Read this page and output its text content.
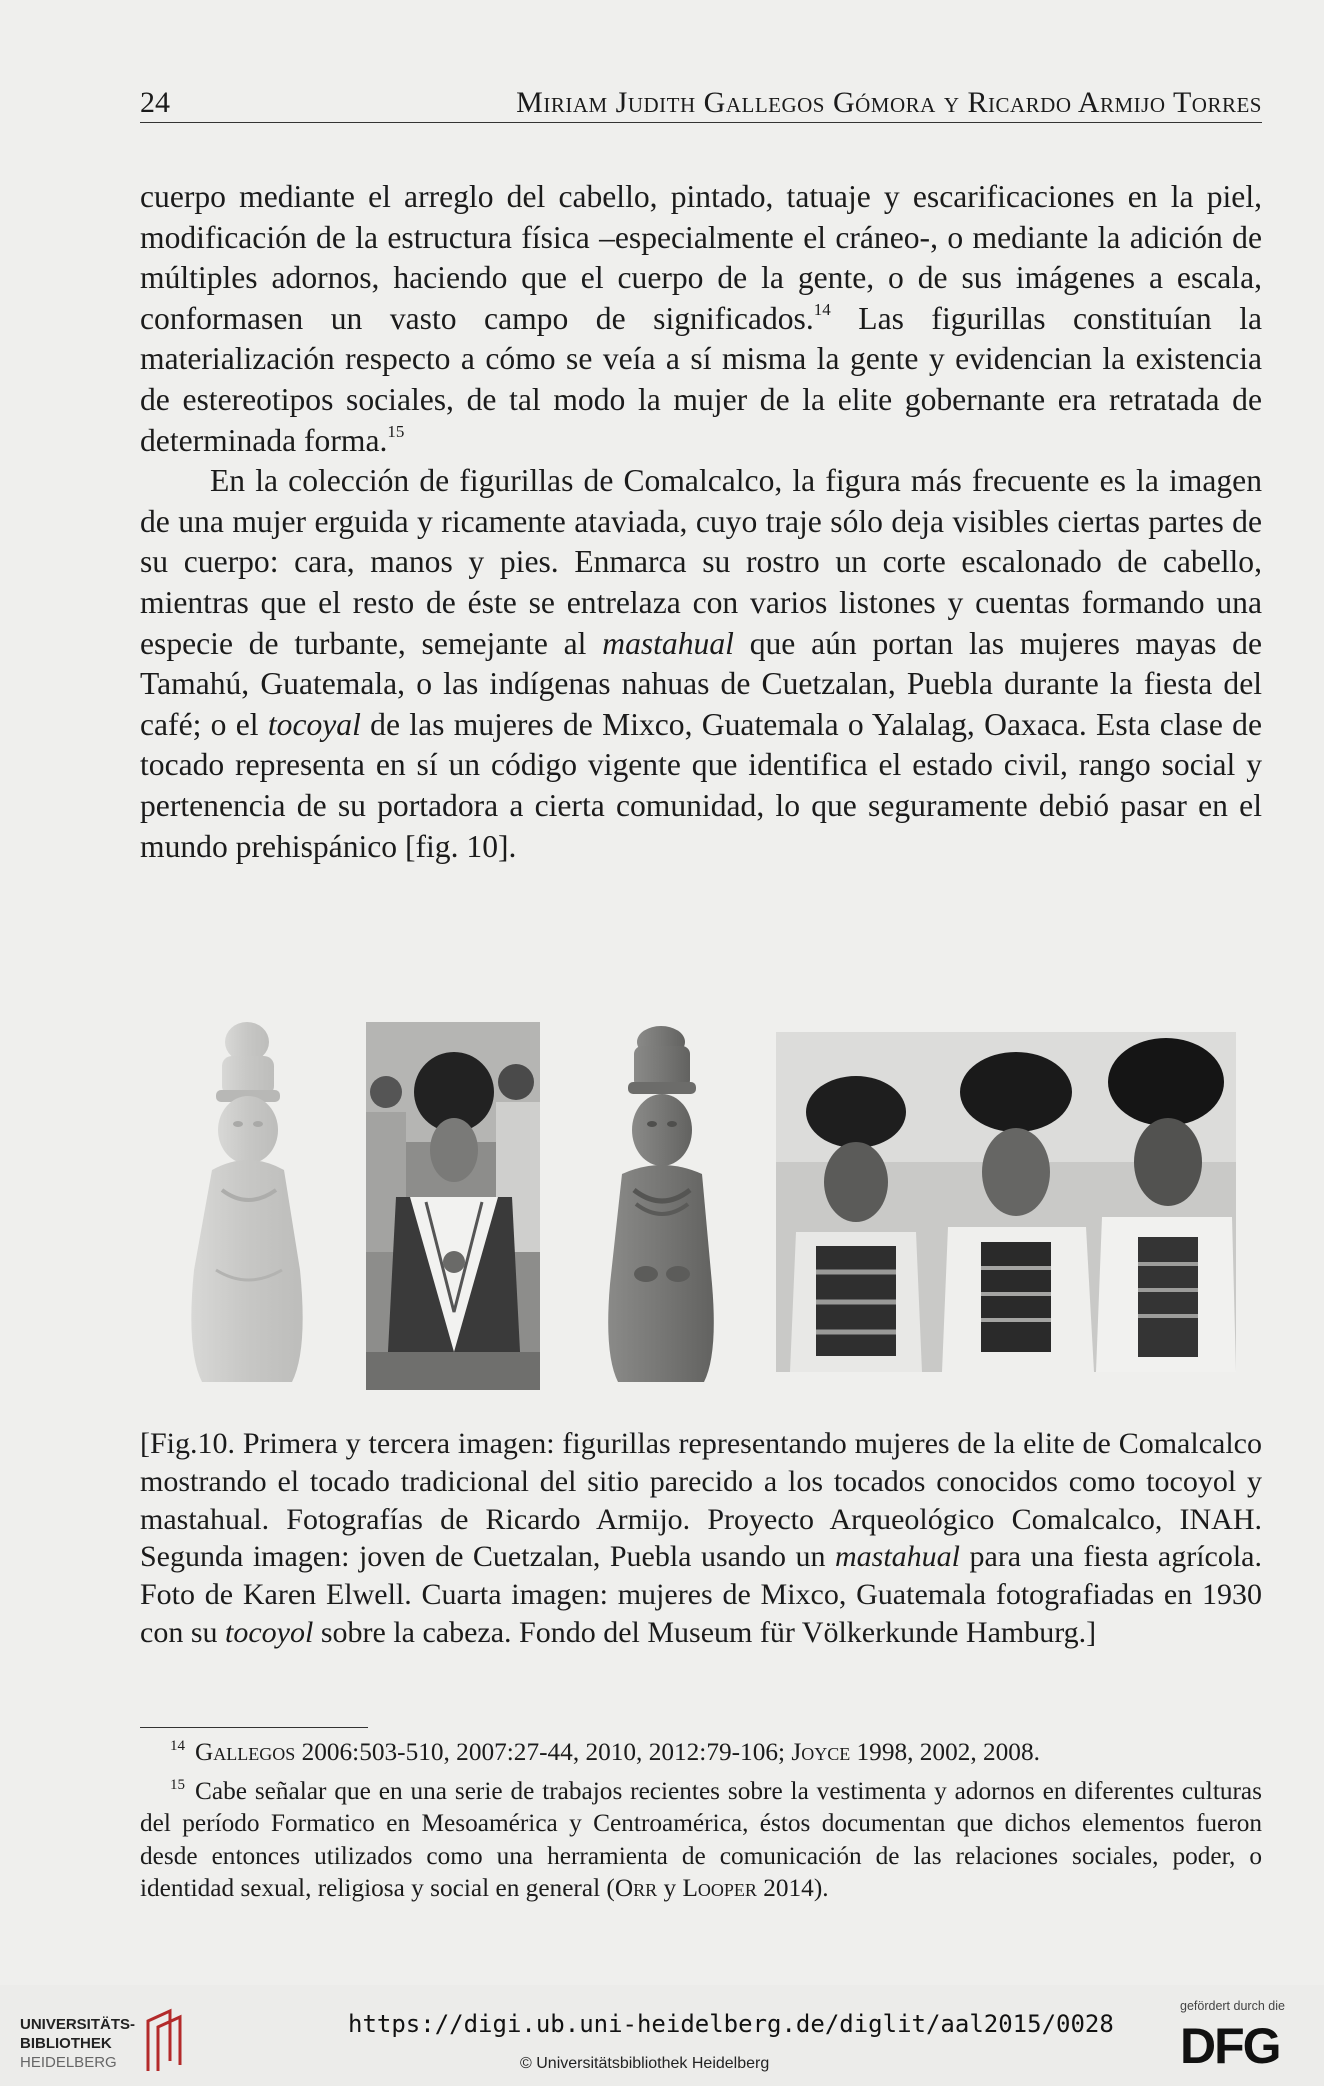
24	Miriam Judith Gallegos Gómora y Ricardo Armijo Torres

cuerpo mediante el arreglo del cabello, pintado, tatuaje y escarificaciones en la piel, modificación de la estructura física –especialmente el cráneo-, o mediante la adición de múltiples adornos, haciendo que el cuerpo de la gente, o de sus imágenes a escala, conformasen un vasto campo de significados.$^{14}$ Las figurillas constituían la materialización respecto a cómo se veía a sí misma la gente y evidencian la existencia de estereotipos sociales, de tal modo la mujer de la elite gobernante era retratada de determinada forma.$^{15}$

En la colección de figurillas de Comalcalco, la figura más frecuente es la imagen de una mujer erguida y ricamente ataviada, cuyo traje sólo deja visibles ciertas partes de su cuerpo: cara, manos y pies. Enmarca su rostro un corte escalonado de cabello, mientras que el resto de éste se entrelaza con varios listones y cuentas formando una especie de turbante, semejante al mastahual que aún portan las mujeres mayas de Tamahú, Guatemala, o las indígenas nahuas de Cuetzalan, Puebla durante la fiesta del café; o el tocoyal de las mujeres de Mixco, Guatemala o Yalalag, Oaxaca. Esta clase de tocado representa en sí un código vigente que identifica el estado civil, rango social y pertenencia de su portadora a cierta comunidad, lo que seguramente debió pasar en el mundo prehispánico [fig. 10].

[Fig.10. Primera y tercera imagen: figurillas representando mujeres de la elite de Comalcalco mostrando el tocado tradicional del sitio parecido a los tocados conocidos como tocoyol y mastahual. Fotografías de Ricardo Armijo. Proyecto Arqueológico Comalcalco, INAH. Segunda imagen: joven de Cuetzalan, Puebla usando un mastahual para una fiesta agrícola. Foto de Karen Elwell. Cuarta imagen: mujeres de Mixco, Guatemala fotografiadas en 1930 con su tocoyol sobre la cabeza. Fondo del Museum für Völkerkunde Hamburg.]

$^{14}$ Gallegos 2006:503-510, 2007:27-44, 2010, 2012:79-106; Joyce 1998, 2002, 2008.

$^{15}$ Cabe señalar que en una serie de trabajos recientes sobre la vestimenta y adornos en diferentes culturas del período Formatico en Mesoamérica y Centroamérica, éstos documentan que dichos elementos fueron desde entonces utilizados como una herramienta de comunicación de las relaciones sociales, poder, o identidad sexual, religiosa y social en general (Orr y Looper 2014).

UNIVERSITÄTS-
BIBLIOTHEK
HEIDELBERG
https://digi.ub.uni-heidelberg.de/diglit/aal2015/0028
© Universitätsbibliothek Heidelberg
gefördert durch die
DFG
